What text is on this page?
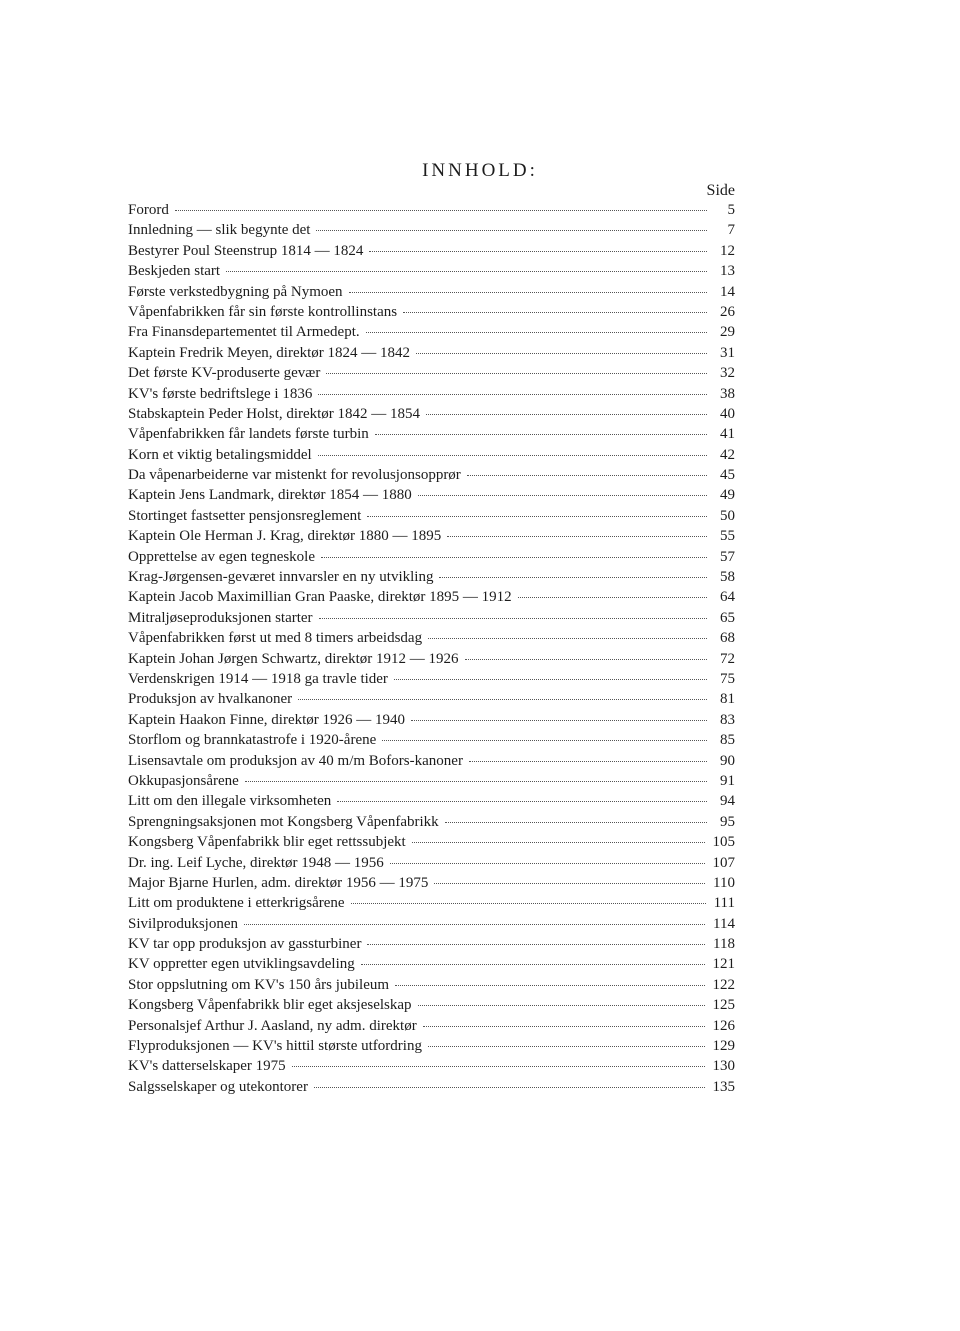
INNHOLD:
Side
Forord	5
Innledning — slik begynte det	7
Bestyrer Poul Steenstrup 1814 — 1824	12
Beskjeden start	13
Første verkstedbygning på Nymoen	14
Våpenfabrikken får sin første kontrollinstans	26
Fra Finansdepartementet til Armedept.	29
Kaptein Fredrik Meyen, direktør 1824 — 1842	31
Det første KV-produserte gevær	32
KV's første bedriftslege i 1836	38
Stabskaptein Peder Holst, direktør 1842 — 1854	40
Våpenfabrikken får landets første turbin	41
Korn et viktig betalingsmiddel	42
Da våpenarbeiderne var mistenkt for revolusjonsopprør	45
Kaptein Jens Landmark, direktør 1854 — 1880	49
Stortinget fastsetter pensjonsreglement	50
Kaptein Ole Herman J. Krag, direktør 1880 — 1895	55
Opprettelse av egen tegneskole	57
Krag-Jørgensen-geværet innvarsler en ny utvikling	58
Kaptein Jacob Maximillian Gran Paaske, direktør 1895 — 1912	64
Mitraljøseproduksjonen starter	65
Våpenfabrikken først ut med 8 timers arbeidsdag	68
Kaptein Johan Jørgen Schwartz, direktør 1912 — 1926	72
Verdenskrigen 1914 — 1918 ga travle tider	75
Produksjon av hvalkanoner	81
Kaptein Haakon Finne, direktør 1926 — 1940	83
Storflom og brannkatastrofe i 1920-årene	85
Lisensavtale om produksjon av 40 m/m Bofors-kanoner	90
Okkupasjonsårene	91
Litt om den illegale virksomheten	94
Sprengningsaksjonen mot Kongsberg Våpenfabrikk	95
Kongsberg Våpenfabrikk blir eget rettssubjekt	105
Dr. ing. Leif Lyche, direktør 1948 — 1956	107
Major Bjarne Hurlen, adm. direktør 1956 — 1975	110
Litt om produktene i etterkrigsårene	111
Sivilproduksjonen	114
KV tar opp produksjon av gassturbiner	118
KV oppretter egen utviklingsavdeling	121
Stor oppslutning om KV's 150 års jubileum	122
Kongsberg Våpenfabrikk blir eget aksjeselskap	125
Personalsjef Arthur J. Aasland, ny adm. direktør	126
Flyproduksjonen — KV's hittil største utfordring	129
KV's datterselskaper 1975	130
Salgsselskaper og utekontorer	135
